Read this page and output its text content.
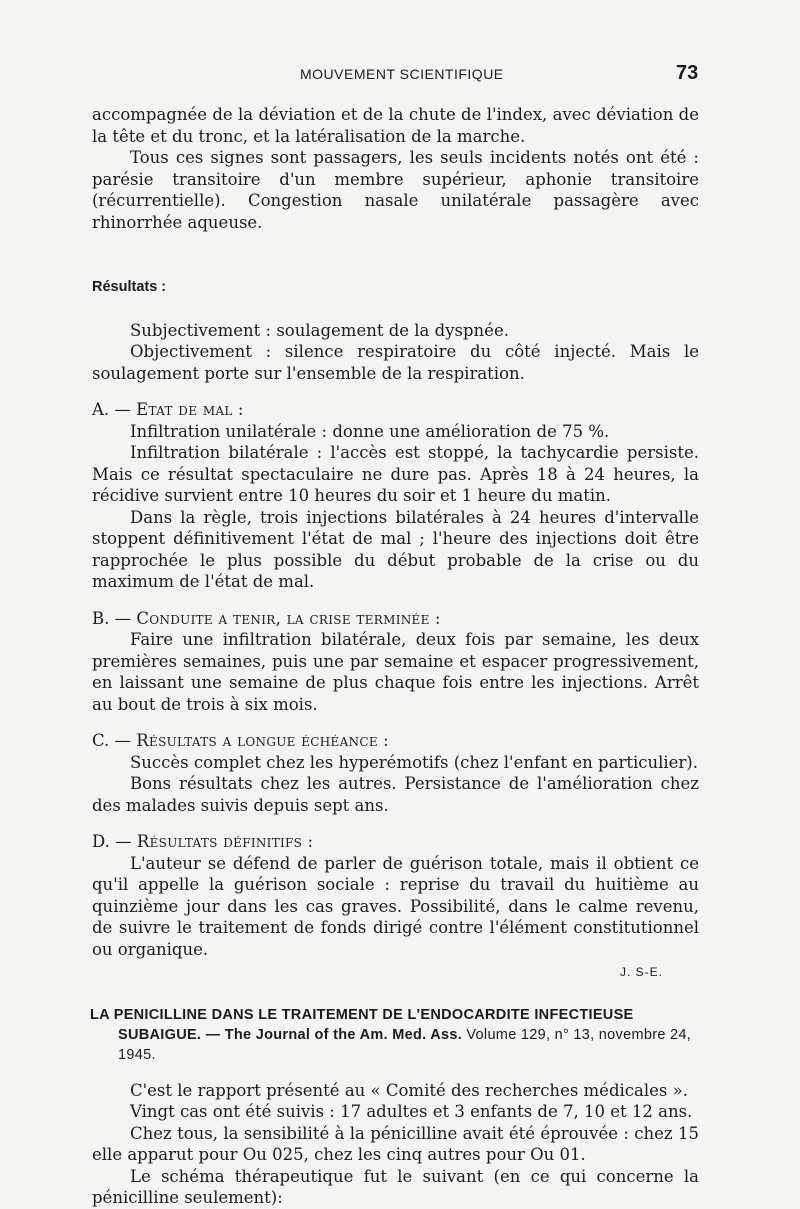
MOUVEMENT SCIENTIFIQUE	73

accompagnée de la déviation et de la chute de l'index, avec déviation de la tête et du tronc, et la latéralisation de la marche.

Tous ces signes sont passagers, les seuls incidents notés ont été : parésie transitoire d'un membre supérieur, aphonie transitoire (récurrentielle). Congestion nasale unilatérale passagère avec rhinorrhée aqueuse.

Résultats :

Subjectivement : soulagement de la dyspnée.

Objectivement : silence respiratoire du côté injecté. Mais le soulagement porte sur l'ensemble de la respiration.

A. — Etat de mal :

Infiltration unilatérale : donne une amélioration de 75 %.

Infiltration bilatérale : l'accès est stoppé, la tachycardie persiste. Mais ce résultat spectaculaire ne dure pas. Après 18 à 24 heures, la récidive survient entre 10 heures du soir et 1 heure du matin.

Dans la règle, trois injections bilatérales à 24 heures d'intervalle stoppent définitivement l'état de mal ; l'heure des injections doit être rapprochée le plus possible du début probable de la crise ou du maximum de l'état de mal.

B. — Conduite a tenir, la crise terminée :

Faire une infiltration bilatérale, deux fois par semaine, les deux premières semaines, puis une par semaine et espacer progressivement, en laissant une semaine de plus chaque fois entre les injections. Arrêt au bout de trois à six mois.

C. — Résultats a longue échéance :

Succès complet chez les hyperémotifs (chez l'enfant en particulier).

Bons résultats chez les autres. Persistance de l'amélioration chez des malades suivis depuis sept ans.

D. — Résultats définitifs :

L'auteur se défend de parler de guérison totale, mais il obtient ce qu'il appelle la guérison sociale : reprise du travail du huitième au quinzième jour dans les cas graves. Possibilité, dans le calme revenu, de suivre le traitement de fonds dirigé contre l'élément constitutionnel ou organique.

J. S-E.
LA PENICILLINE DANS LE TRAITEMENT DE L'ENDOCARDITE INFECTIEUSE
SUBAIGUE. — The Journal of the Am. Med. Ass. Volume 129, n° 13, novembre 24, 1945.

C'est le rapport présenté au « Comité des recherches médicales ».

Vingt cas ont été suivis : 17 adultes et 3 enfants de 7, 10 et 12 ans.

Chez tous, la sensibilité à la pénicilline avait été éprouvée : chez 15 elle apparut pour Ou 025, chez les cinq autres pour Ou 01.

Le schéma thérapeutique fut le suivant (en ce qui concerne la pénicilline seulement):
